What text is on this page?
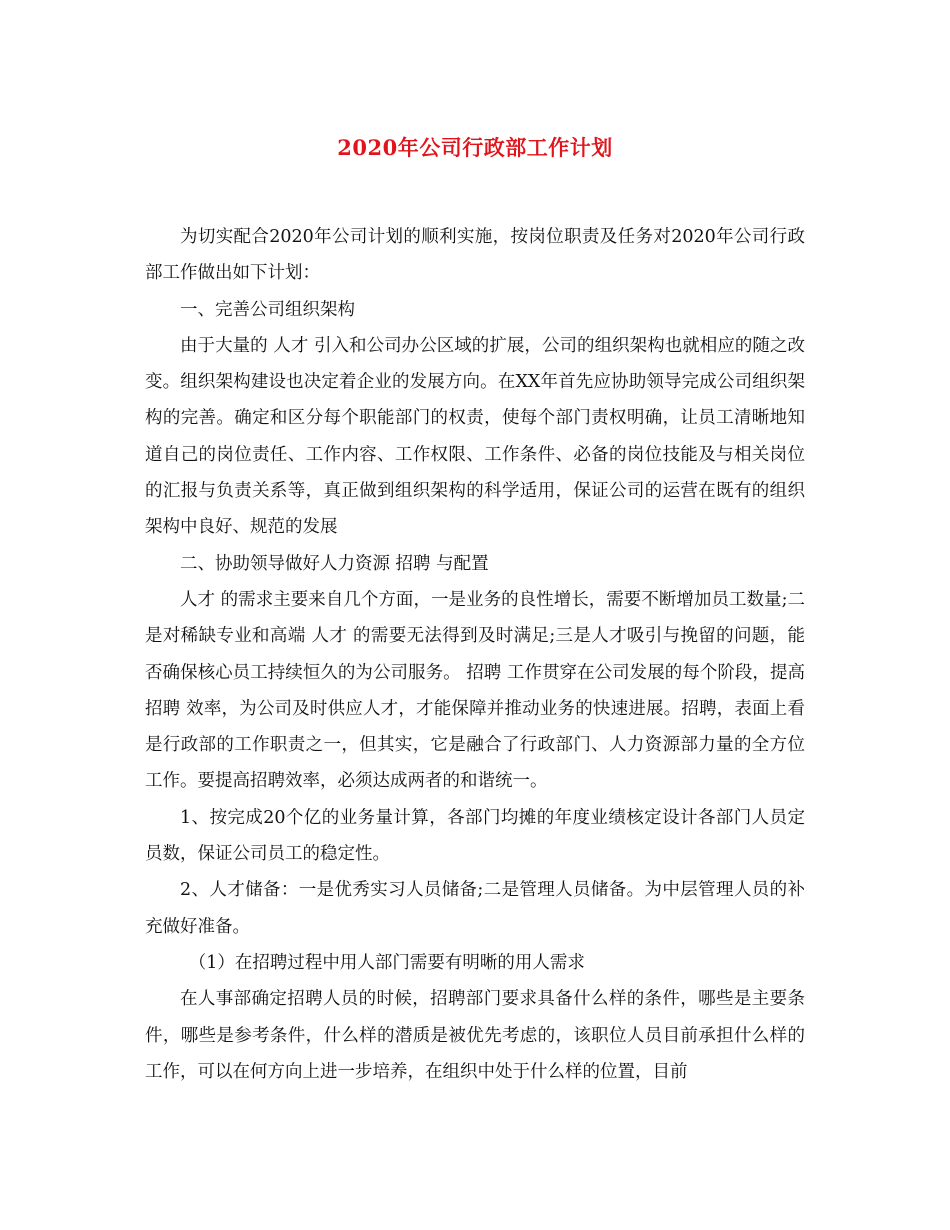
2020年公司行政部工作计划

为切实配合2020年公司计划的顺利实施，按岗位职责及任务对2020年公司行政部工作做出如下计划：

一、完善公司组织架构

由于大量的 人才 引入和公司办公区域的扩展，公司的组织架构也就相应的随之改变。组织架构建设也决定着企业的发展方向。在XX年首先应协助领导完成公司组织架构的完善。确定和区分每个职能部门的权责，使每个部门责权明确，让员工清晰地知道自己的岗位责任、工作内容、工作权限、工作条件、必备的岗位技能及与相关岗位的汇报与负责关系等，真正做到组织架构的科学适用，保证公司的运营在既有的组织架构中良好、规范的发展

二、协助领导做好人力资源 招聘 与配置

人才 的需求主要来自几个方面，一是业务的良性增长，需要不断增加员工数量;二是对稀缺专业和高端 人才 的需要无法得到及时满足;三是人才吸引与挽留的问题，能否确保核心员工持续恒久的为公司服务。 招聘 工作贯穿在公司发展的每个阶段，提高 招聘 效率，为公司及时供应人才，才能保障并推动业务的快速进展。招聘，表面上看是行政部的工作职责之一，但其实，它是融合了行政部门、人力资源部力量的全方位工作。要提高招聘效率，必须达成两者的和谐统一。

1、按完成20个亿的业务量计算，各部门均摊的年度业绩核定设计各部门人员定员数，保证公司员工的稳定性。

2、人才储备：一是优秀实习人员储备;二是管理人员储备。为中层管理人员的补充做好准备。

（1）在招聘过程中用人部门需要有明晰的用人需求

在人事部确定招聘人员的时候，招聘部门要求具备什么样的条件，哪些是主要条件，哪些是参考条件，什么样的潜质是被优先考虑的，该职位人员目前承担什么样的工作，可以在何方向上进一步培养，在组织中处于什么样的位置，目前
